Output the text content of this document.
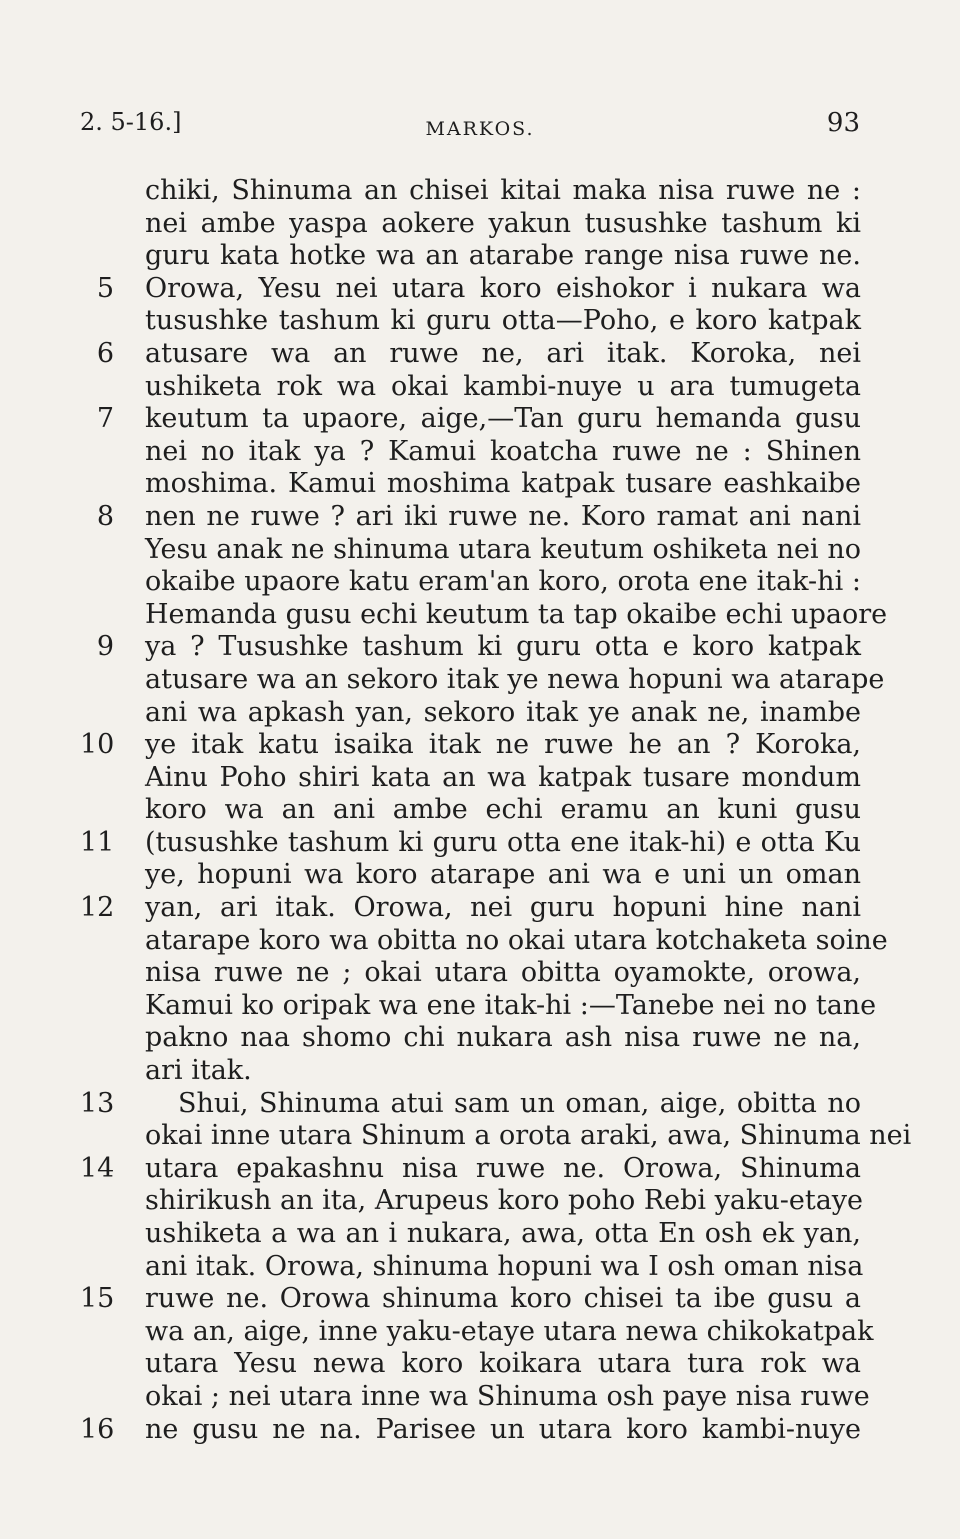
2. 5-16.]	MARKOS.	93
chiki, Shinuma an chisei kitai maka nisa ruwe ne :
nei ambe yaspa aokere yakun tusushke tashum ki
guru kata hotke wa an atarabe range nisa ruwe ne.
5 Orowa, Yesu nei utara koro eishokor i nukara wa
tusushke tashum ki guru otta—Poho, e koro katpak
6 atusare wa an ruwe ne, ari itak. Koroka, nei
ushiketa rok wa okai kambi-nuye u ara tumugeta
7 keutum ta upaore, aige,—Tan guru hemanda gusu
nei no itak ya ? Kamui koatcha ruwe ne : Shinen
moshima. Kamui moshima katpak tusare eashkaibe
8 nen ne ruwe ? ari iki ruwe ne. Koro ramat ani nani
Yesu anak ne shinuma utara keutum oshiketa nei no
okaibe upaore katu eram'an koro, orota ene itak-hi :
Hemanda gusu echi keutum ta tap okaibe echi upaore
9 ya ? Tusushke tashum ki guru otta e koro katpak
atusare wa an sekoro itak ye newa hopuni wa atarape
ani wa apkash yan, sekoro itak ye anak ne, inambe
10 ye itak katu isaika itak ne ruwe he an ? Koroka,
Ainu Poho shiri kata an wa katpak tusare mondum
koro wa an ani ambe echi eramu an kuni gusu
11 (tusushke tashum ki guru otta ene itak-hi) e otta Ku
ye, hopuni wa koro atarape ani wa e uni un oman
12 yan, ari itak. Orowa, nei guru hopuni hine nani
atarape koro wa obitta no okai utara kotchaketa soine
nisa ruwe ne ; okai utara obitta oyamokte, orowa,
Kamui ko oripak wa ene itak-hi :—Tanebe nei no tane
pakno naa shomo chi nukara ash nisa ruwe ne na,
ari itak.
13 Shui, Shinuma atui sam un oman, aige, obitta no
okai inne utara Shinum a orota araki, awa, Shinuma nei
14 utara epakashnu nisa ruwe ne. Orowa, Shinuma
shirikush an ita, Arupeus koro poho Rebi yaku-etaye
ushiketa a wa an i nukara, awa, otta En osh ek yan,
ani itak. Orowa, shinuma hopuni wa I osh oman nisa
15 ruwe ne. Orowa shinuma koro chisei ta ibe gusu a
wa an, aige, inne yaku-etaye utara newa chikokatpak
utara Yesu newa koro koikara utara tura rok wa
okai ; nei utara inne wa Shinuma osh paye nisa ruwe
16 ne gusu ne na. Parisee un utara koro kambi-nuye
